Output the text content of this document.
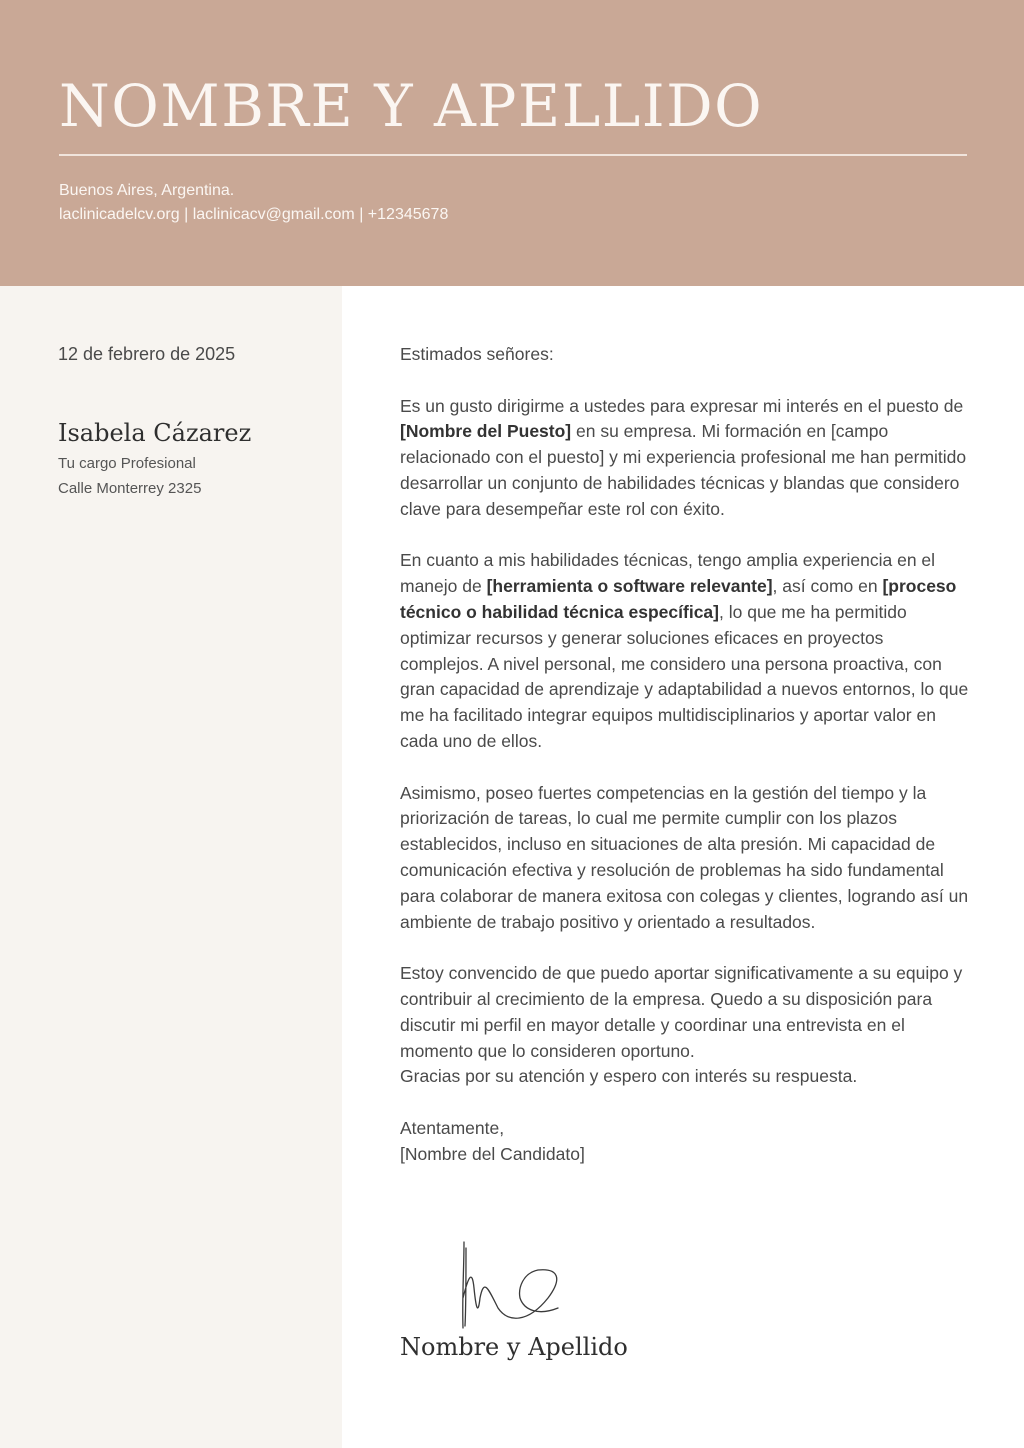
NOMBRE Y APELLIDO
Buenos Aires, Argentina.
laclinicadelcv.org | laclinicacv@gmail.com | +12345678
12 de febrero de 2025
Isabela Cázarez
Tu cargo Profesional
Calle Monterrey 2325

Estimados señores:

Es un gusto dirigirme a ustedes para expresar mi interés en el puesto de [Nombre del Puesto] en su empresa. Mi formación en [campo relacionado con el puesto] y mi experiencia profesional me han permitido desarrollar un conjunto de habilidades técnicas y blandas que considero clave para desempeñar este rol con éxito.

En cuanto a mis habilidades técnicas, tengo amplia experiencia en el manejo de [herramienta o software relevante], así como en [proceso técnico o habilidad técnica específica], lo que me ha permitido optimizar recursos y generar soluciones eficaces en proyectos complejos. A nivel personal, me considero una persona proactiva, con gran capacidad de aprendizaje y adaptabilidad a nuevos entornos, lo que me ha facilitado integrar equipos multidisciplinarios y aportar valor en cada uno de ellos.

Asimismo, poseo fuertes competencias en la gestión del tiempo y la priorización de tareas, lo cual me permite cumplir con los plazos establecidos, incluso en situaciones de alta presión. Mi capacidad de comunicación efectiva y resolución de problemas ha sido fundamental para colaborar de manera exitosa con colegas y clientes, logrando así un ambiente de trabajo positivo y orientado a resultados.

Estoy convencido de que puedo aportar significativamente a su equipo y contribuir al crecimiento de la empresa. Quedo a su disposición para discutir mi perfil en mayor detalle y coordinar una entrevista en el momento que lo consideren oportuno.
Gracias por su atención y espero con interés su respuesta.

Atentamente,
[Nombre del Candidato]
Nombre y Apellido
